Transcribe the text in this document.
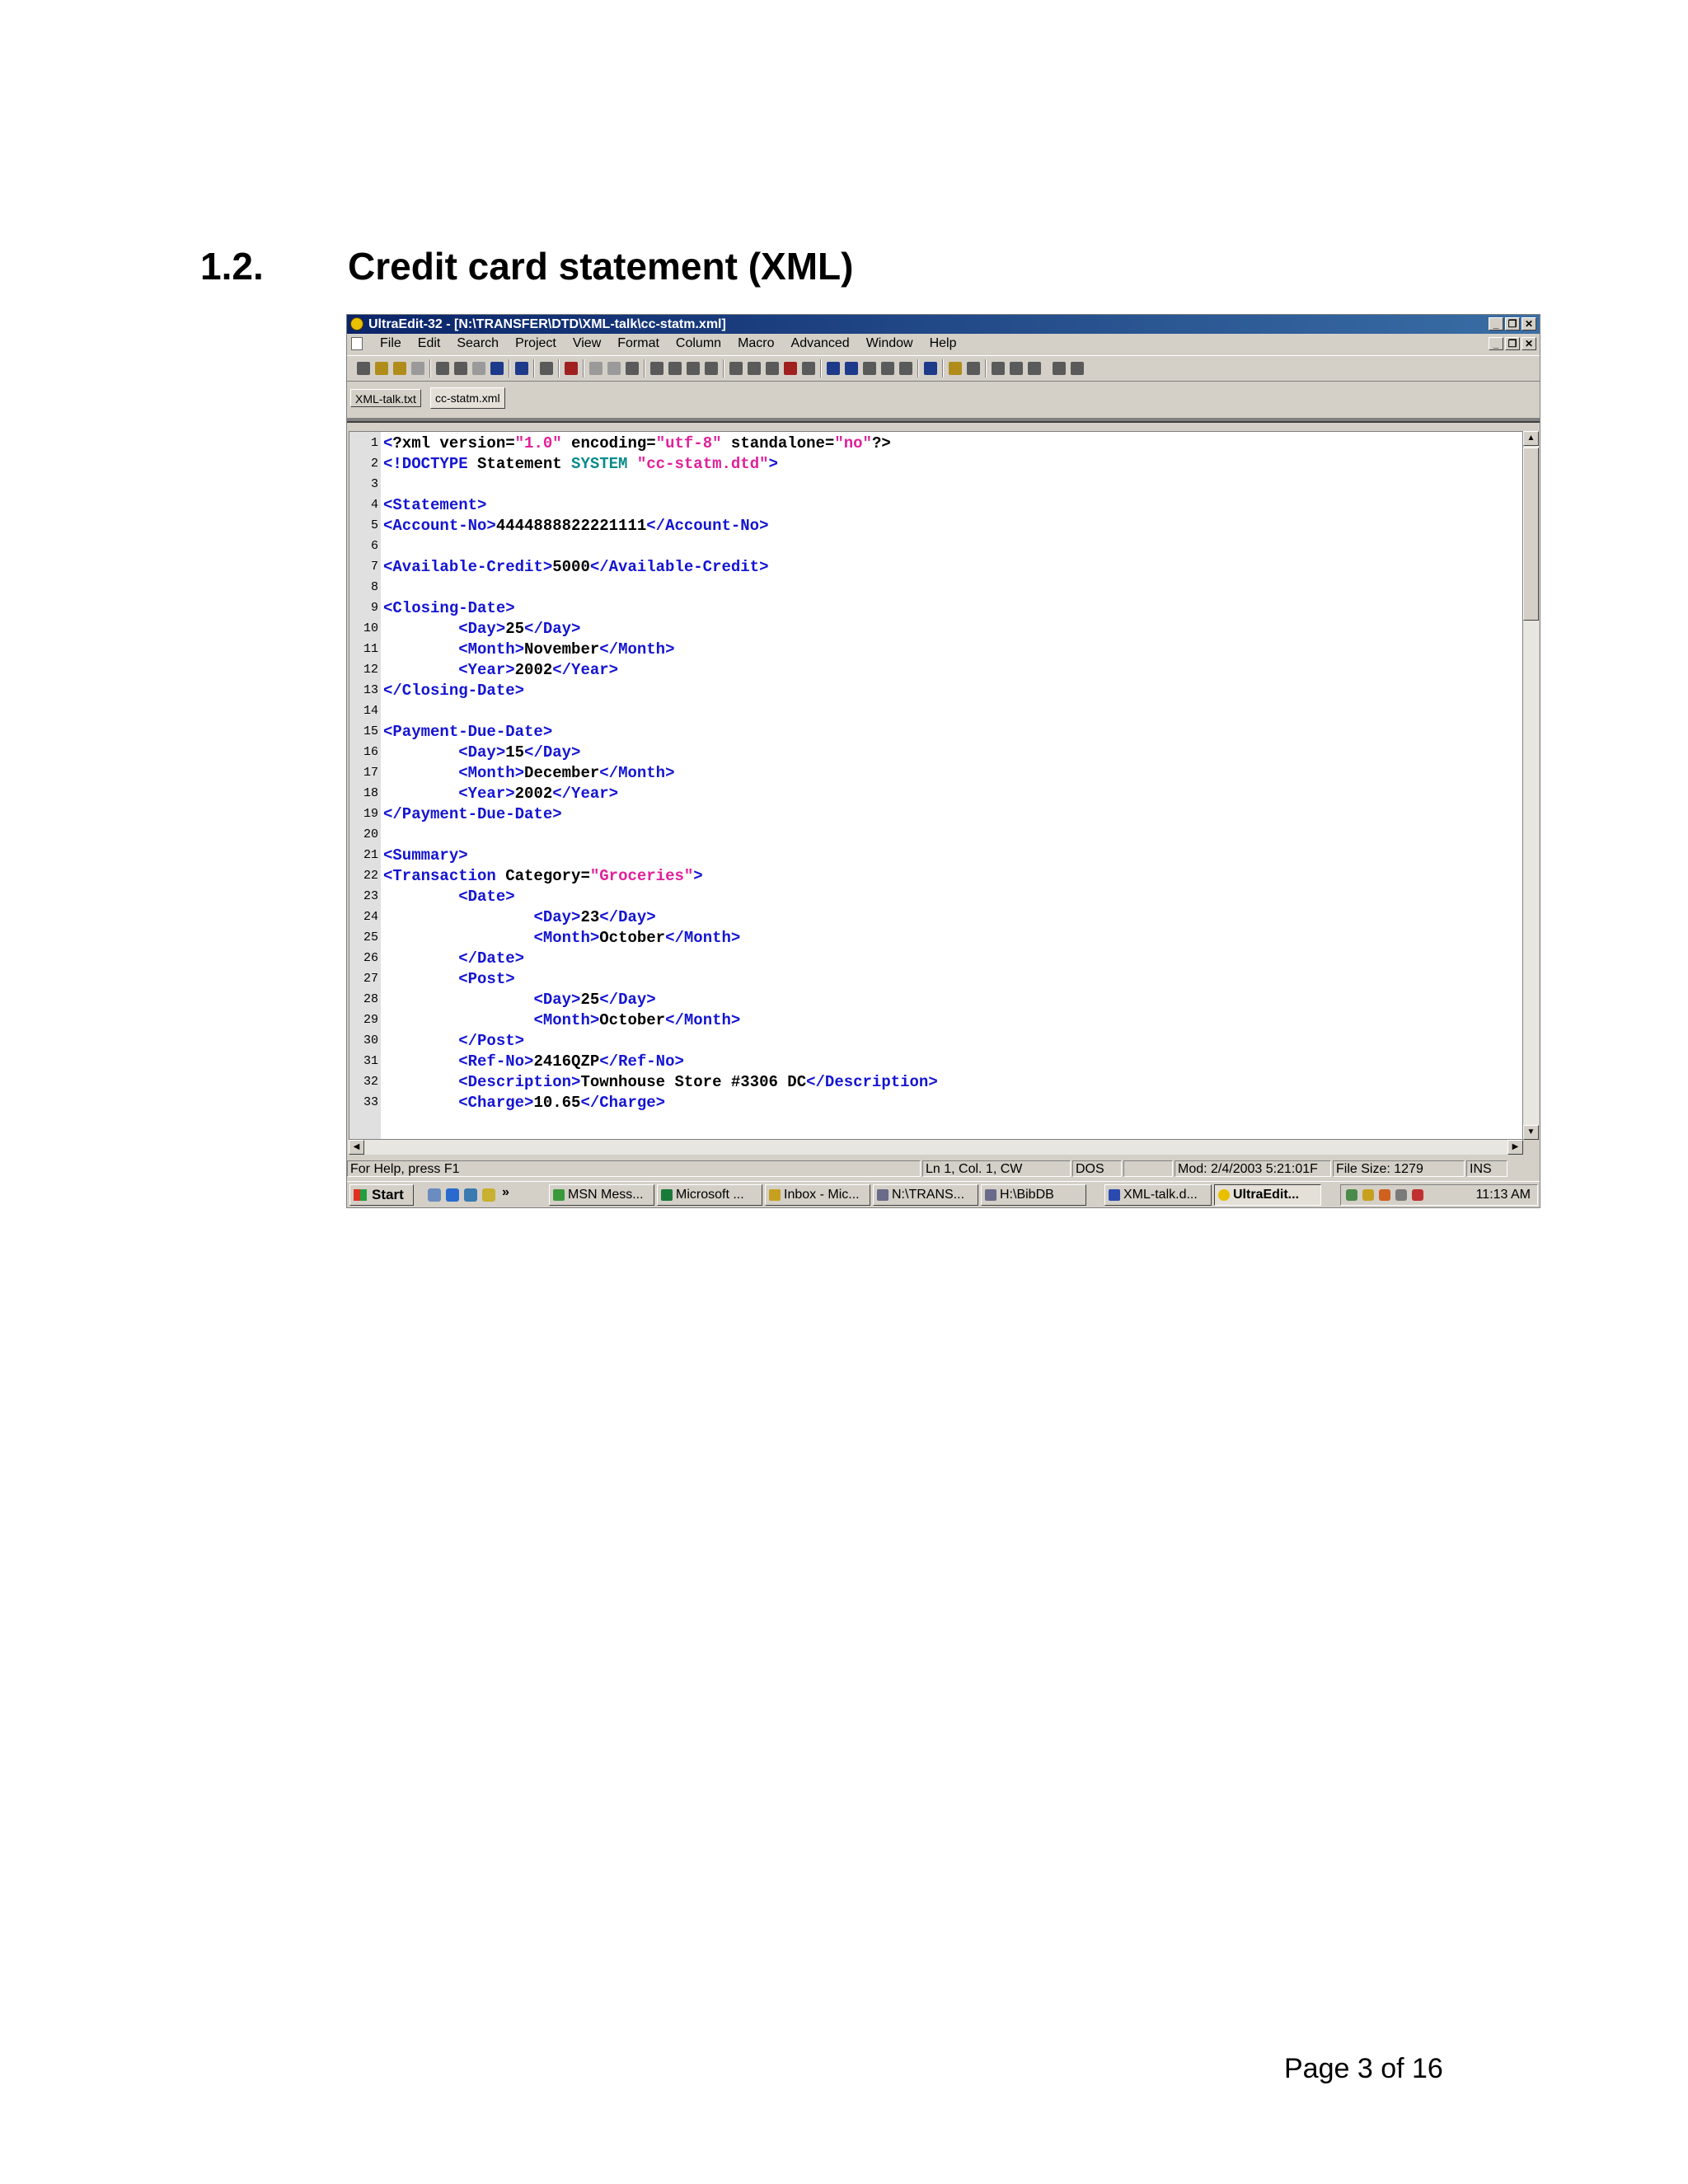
1.2. Credit card statement (XML)
UltraEdit-32 - [N:\TRANSFER\DTD\XML-talk\cc-statm.xml]	_ ❐ ✕
File	Edit	Search	Project	View	Format	Column	Macro	Advanced	Window	Help	_ ❐ ✕
XML-talk.txt	cc-statm.xml
1 <?xml version="1.0" encoding="utf-8" standalone="no"?>
2 <!DOCTYPE Statement SYSTEM "cc-statm.dtd">
3
4 <Statement>
5 <Account-No>4444888822221111</Account-No>
6
7 <Available-Credit>5000</Available-Credit>
8
9 <Closing-Date>
10	<Day>25</Day>
11	<Month>November</Month>
12	<Year>2002</Year>
13 </Closing-Date>
14
15 <Payment-Due-Date>
16	<Day>15</Day>
17	<Month>December</Month>
18	<Year>2002</Year>
19 </Payment-Due-Date>
20
21 <Summary>
22 <Transaction Category="Groceries">
23	<Date>
24	<Day>23</Day>
25	<Month>October</Month>
26	</Date>
27	<Post>
28	<Day>25</Day>
29	<Month>October</Month>
30	</Post>
31	<Ref-No>2416QZP</Ref-No>
32	<Description>Townhouse Store #3306 DC</Description>
33	<Charge>10.65</Charge>
▲
▼
◀	▶
For Help, press F1	Ln 1, Col. 1, CW	DOS	Mod: 2/4/2003 5:21:01F	File Size: 1279	INS
Start	»	MSN Mess...	Microsoft ...	Inbox - Mic...	N:\TRANS...	H:\BibDB	XML-talk.d...	UltraEdit...	11:13 AM
Page 3 of 16
